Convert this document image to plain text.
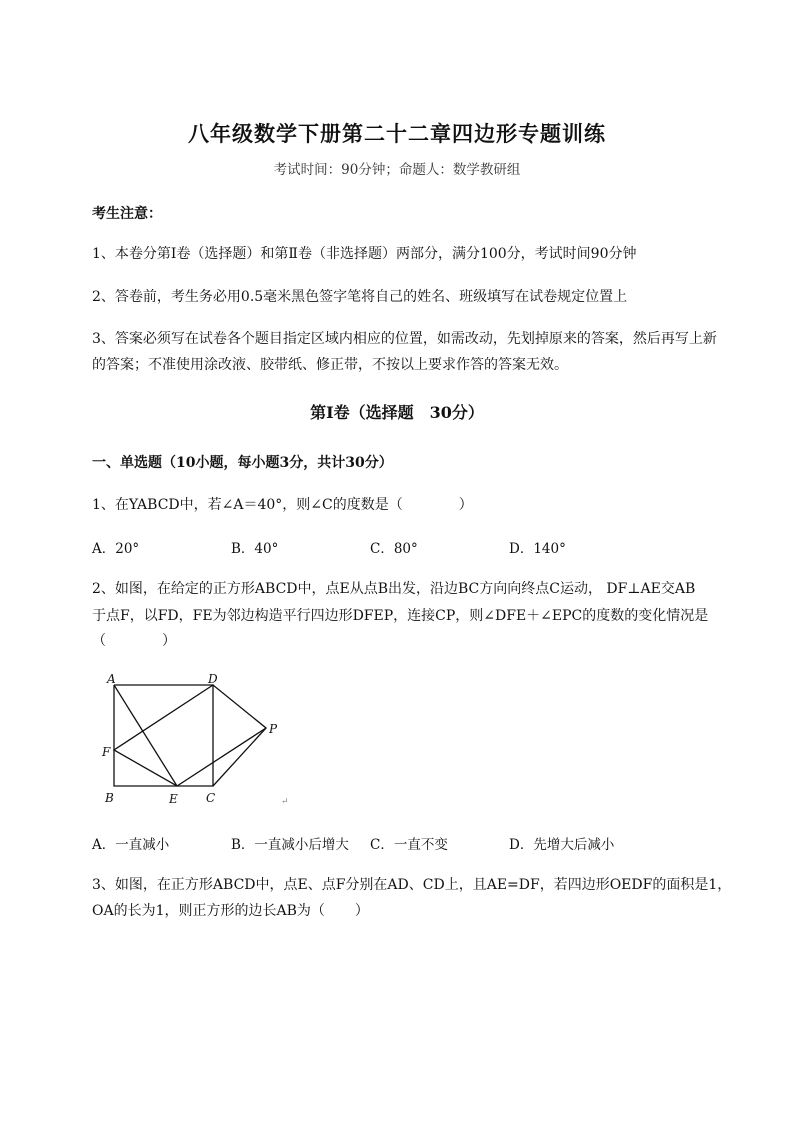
八年级数学下册第二十二章四边形专题训练
考试时间：90分钟；命题人：数学教研组
考生注意：
1、本卷分第I卷（选择题）和第Ⅱ卷（非选择题）两部分，满分100分，考试时间90分钟
2、答卷前，考生务必用0.5毫米黑色签字笔将自己的姓名、班级填写在试卷规定位置上
3、答案必须写在试卷各个题目指定区域内相应的位置，如需改动，先划掉原来的答案，然后再写上新
的答案；不准使用涂改液、胶带纸、修正带，不按以上要求作答的答案无效。
第I卷（选择题　30分）
一、单选题（10小题，每小题3分，共计30分）
1、在YABCD中，若∠A＝40°，则∠C的度数是（	）
A．20°	B．40°	C．80°	D．140°
2、如图，在给定的正方形ABCD中，点E从点B出发，沿边BC方向向终点C运动， DF⊥AE交AB
于点F，以FD，FE为邻边构造平行四边形DFEP，连接CP，则∠DFE＋∠EPC的度数的变化情况是
（	）
A	D
P
F
B	E C	↵
A．一直减小	B．一直减小后增大 C．一直不变	D．先增大后减小
3、如图，在正方形ABCD中，点E、点F分别在AD、CD上，且AE=DF，若四边形OEDF的面积是1，
OA的长为1，则正方形的边长AB为（ ）
